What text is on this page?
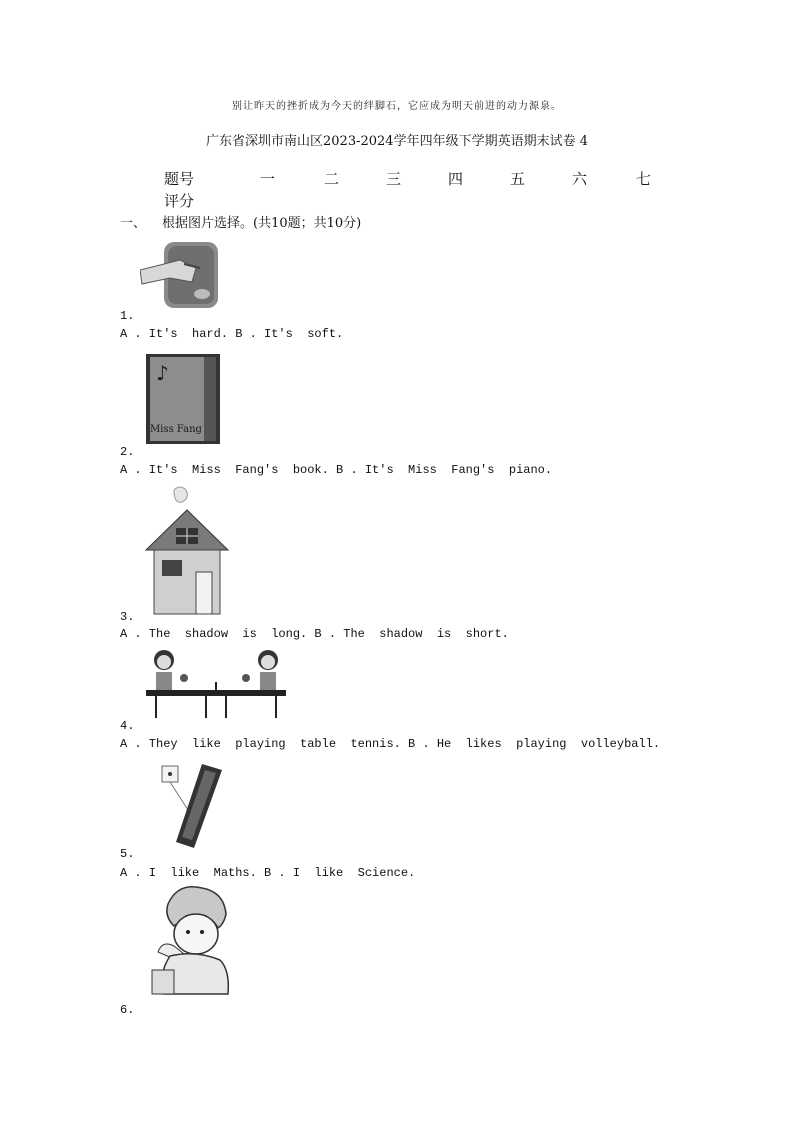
别让昨天的挫折成为今天的绊脚石，它应成为明天前进的动力源泉。
广东省深圳市南山区2023-2024学年四年级下学期英语期末试卷 4
题号	一	二	三	四	五	六	七
评分
一、 根据图片选择。(共10题；共10分)
1.
A . It's  hard. B . It's  soft.
♪
Miss Fang
2.
A . It's  Miss  Fang's  book. B . It's  Miss  Fang's  piano.
3.
A . The  shadow  is  long. B . The  shadow  is  short.
4.
A . They  like  playing  table  tennis. B . He  likes  playing  volleyball.
5.
A . I  like  Maths. B . I  like  Science.
6.
